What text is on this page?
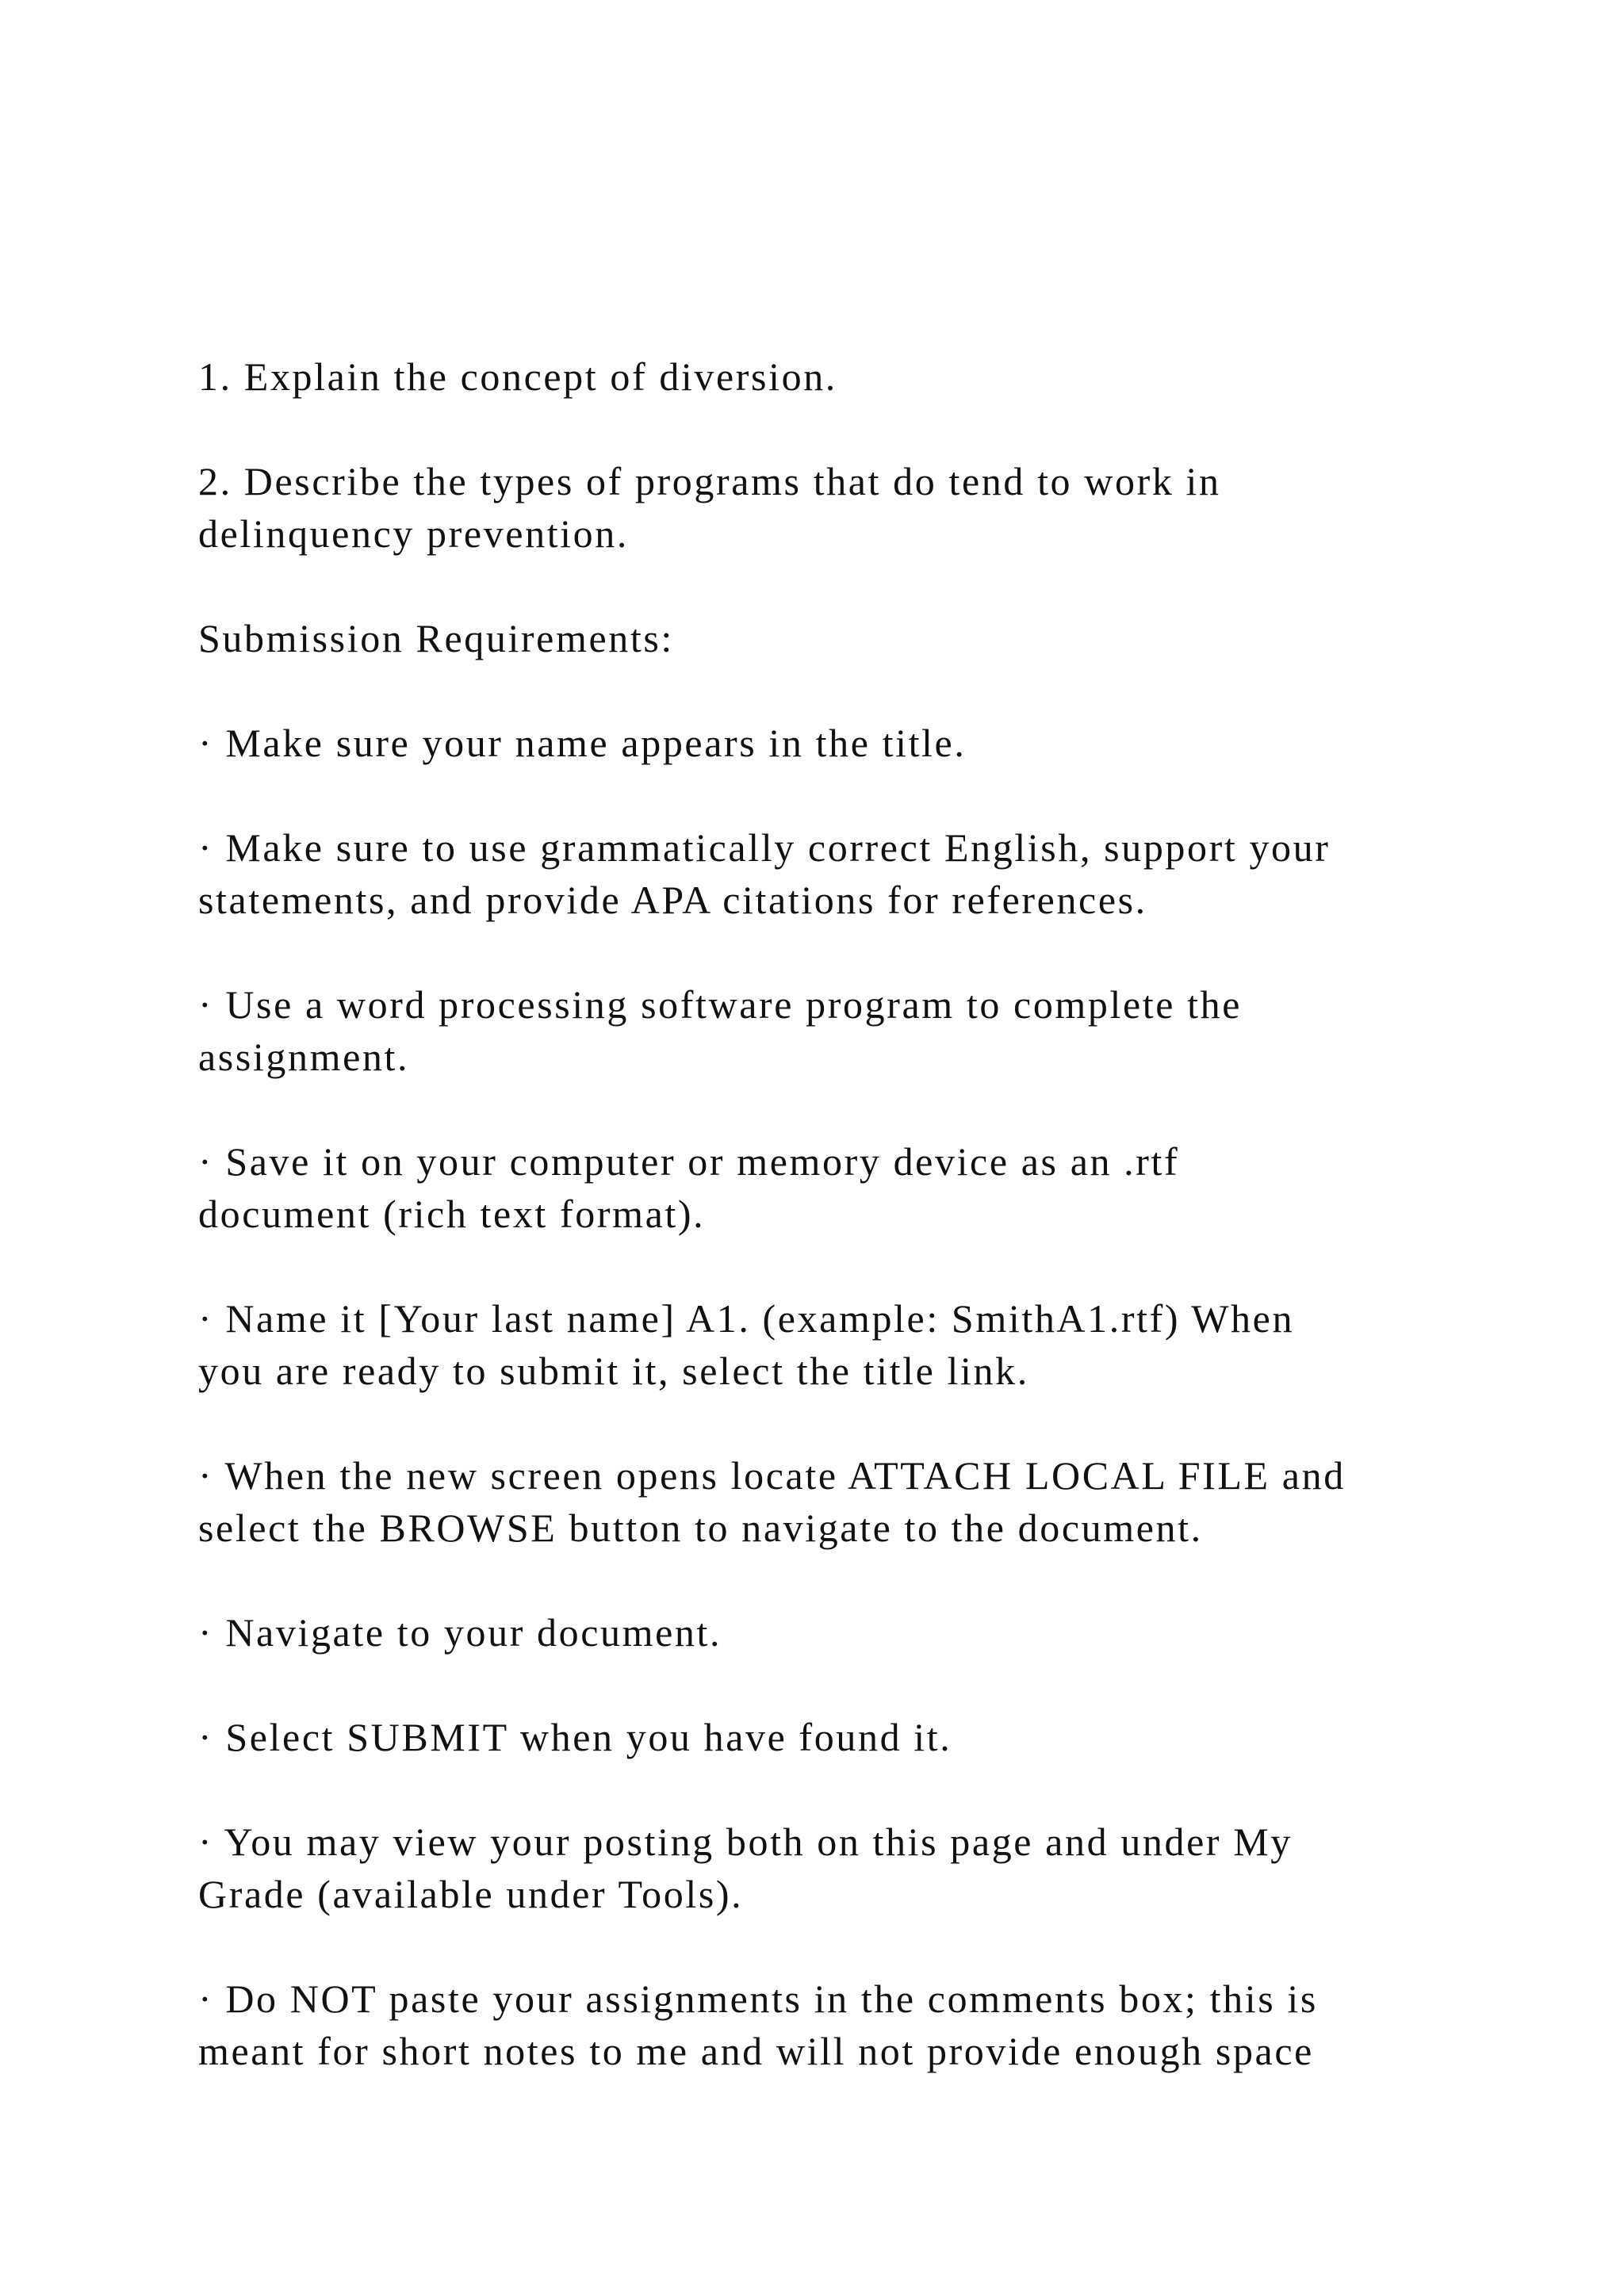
1. Explain the concept of diversion.

2. Describe the types of programs that do tend to work in
delinquency prevention.

Submission Requirements:

· Make sure your name appears in the title.

· Make sure to use grammatically correct English, support your
statements, and provide APA citations for references.

· Use a word processing software program to complete the
assignment.

· Save it on your computer or memory device as an .rtf
document (rich text format).

· Name it [Your last name] A1. (example: SmithA1.rtf) When
you are ready to submit it, select the title link.

· When the new screen opens locate ATTACH LOCAL FILE and
select the BROWSE button to navigate to the document.

· Navigate to your document.

· Select SUBMIT when you have found it.

· You may view your posting both on this page and under My
Grade (available under Tools).

· Do NOT paste your assignments in the comments box; this is
meant for short notes to me and will not provide enough space
